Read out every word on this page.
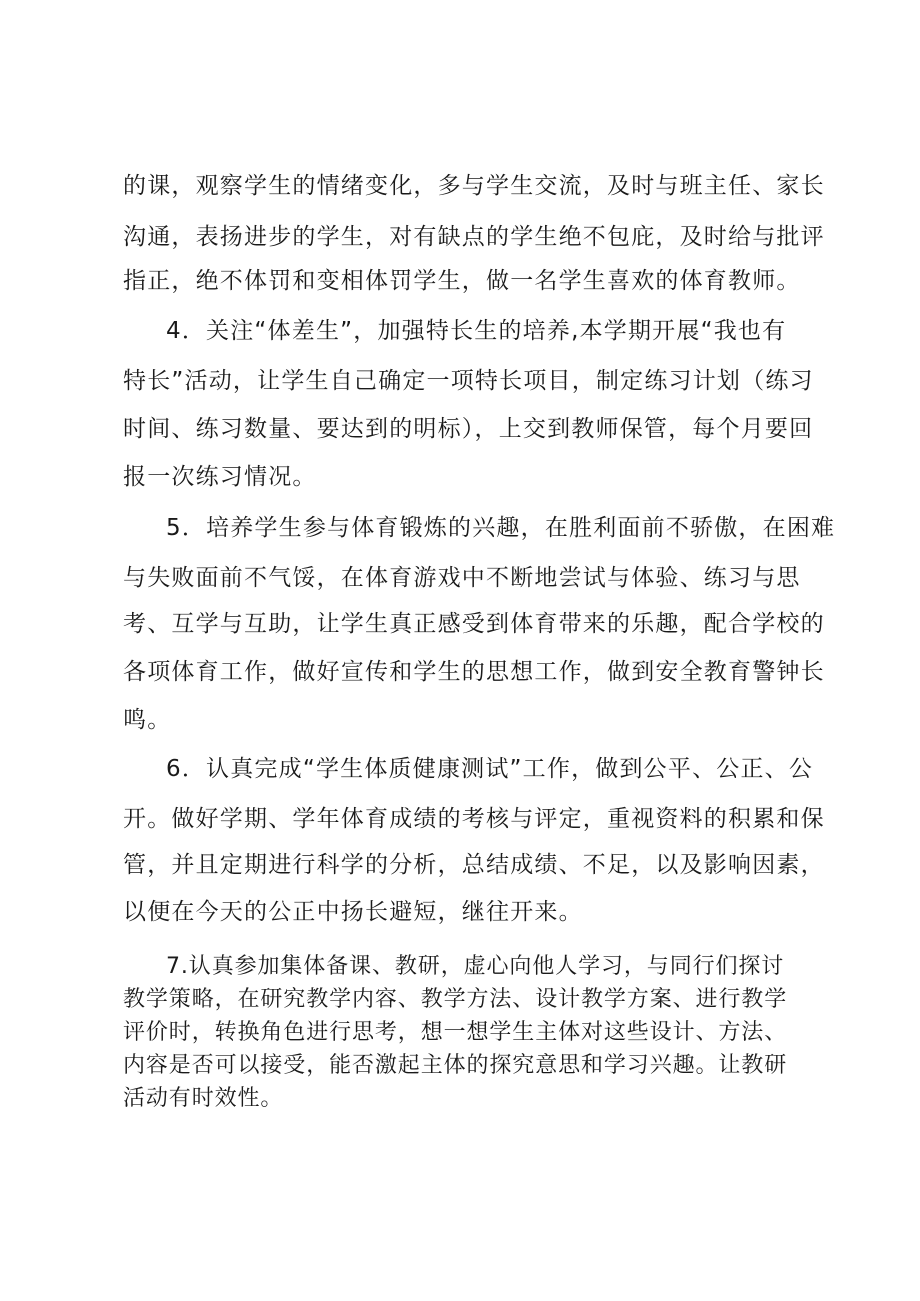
的课，观察学生的情绪变化，多与学生交流，及时与班主任、家长
沟通，表扬进步的学生，对有缺点的学生绝不包庇，及时给与批评
指正，绝不体罚和变相体罚学生，做一名学生喜欢的体育教师。
4．关注“体差生”，加强特长生的培养,本学期开展“我也有
特长”活动，让学生自己确定一项特长项目，制定练习计划（练习
时间、练习数量、要达到的明标），上交到教师保管，每个月要回
报一次练习情况。
5．培养学生参与体育锻炼的兴趣，在胜利面前不骄傲，在困难
与失败面前不气馁，在体育游戏中不断地尝试与体验、练习与思
考、互学与互助，让学生真正感受到体育带来的乐趣，配合学校的
各项体育工作，做好宣传和学生的思想工作，做到安全教育警钟长
鸣。
6．认真完成“学生体质健康测试”工作，做到公平、公正、公
开。做好学期、学年体育成绩的考核与评定，重视资料的积累和保
管，并且定期进行科学的分析，总结成绩、不足，以及影响因素，
以便在今天的公正中扬长避短，继往开来。
7.认真参加集体备课、教研，虚心向他人学习，与同行们探讨
教学策略，在研究教学内容、教学方法、设计教学方案、进行教学
评价时，转换角色进行思考，想一想学生主体对这些设计、方法、
内容是否可以接受，能否激起主体的探究意思和学习兴趣。让教研
活动有时效性。
